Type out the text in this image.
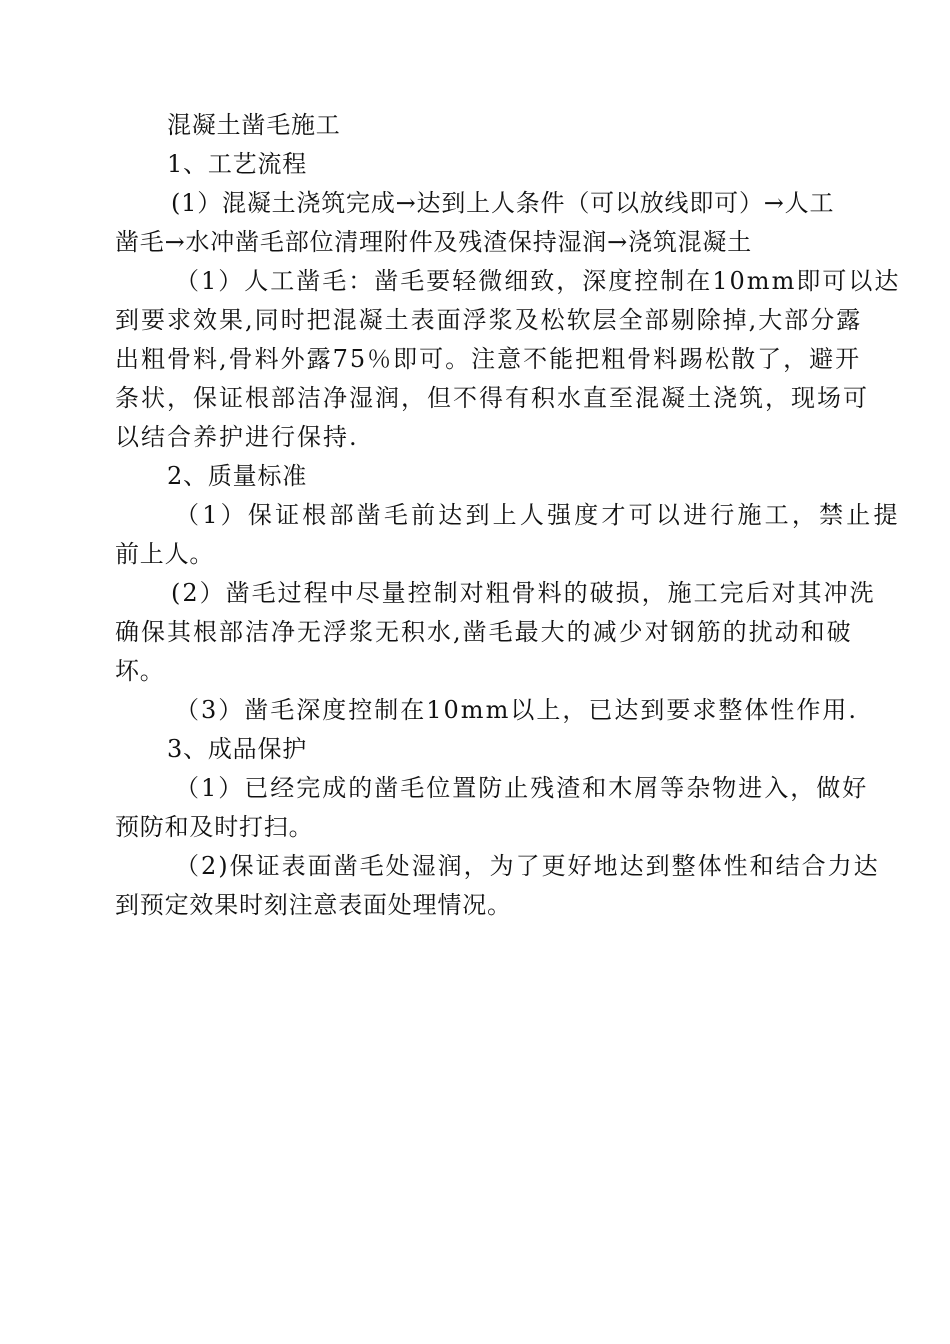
混凝土凿毛施工
1、工艺流程
(1）混凝土浇筑完成→达到上人条件（可以放线即可）→人工
凿毛→水冲凿毛部位清理附件及残渣保持湿润→浇筑混凝土
（1）人工凿毛：凿毛要轻微细致，深度控制在10mm即可以达
到要求效果,同时把混凝土表面浮浆及松软层全部剔除掉,大部分露
出粗骨料,骨料外露75％即可。注意不能把粗骨料踢松散了，避开
条状，保证根部洁净湿润，但不得有积水直至混凝土浇筑，现场可
以结合养护进行保持.
2、质量标准
（1）保证根部凿毛前达到上人强度才可以进行施工，禁止提
前上人。
(2）凿毛过程中尽量控制对粗骨料的破损，施工完后对其冲洗
确保其根部洁净无浮浆无积水,凿毛最大的减少对钢筋的扰动和破
坏。
（3）凿毛深度控制在10mm以上，已达到要求整体性作用.
3、成品保护
（1）已经完成的凿毛位置防止残渣和木屑等杂物进入，做好
预防和及时打扫。
（2)保证表面凿毛处湿润，为了更好地达到整体性和结合力达
到预定效果时刻注意表面处理情况。
